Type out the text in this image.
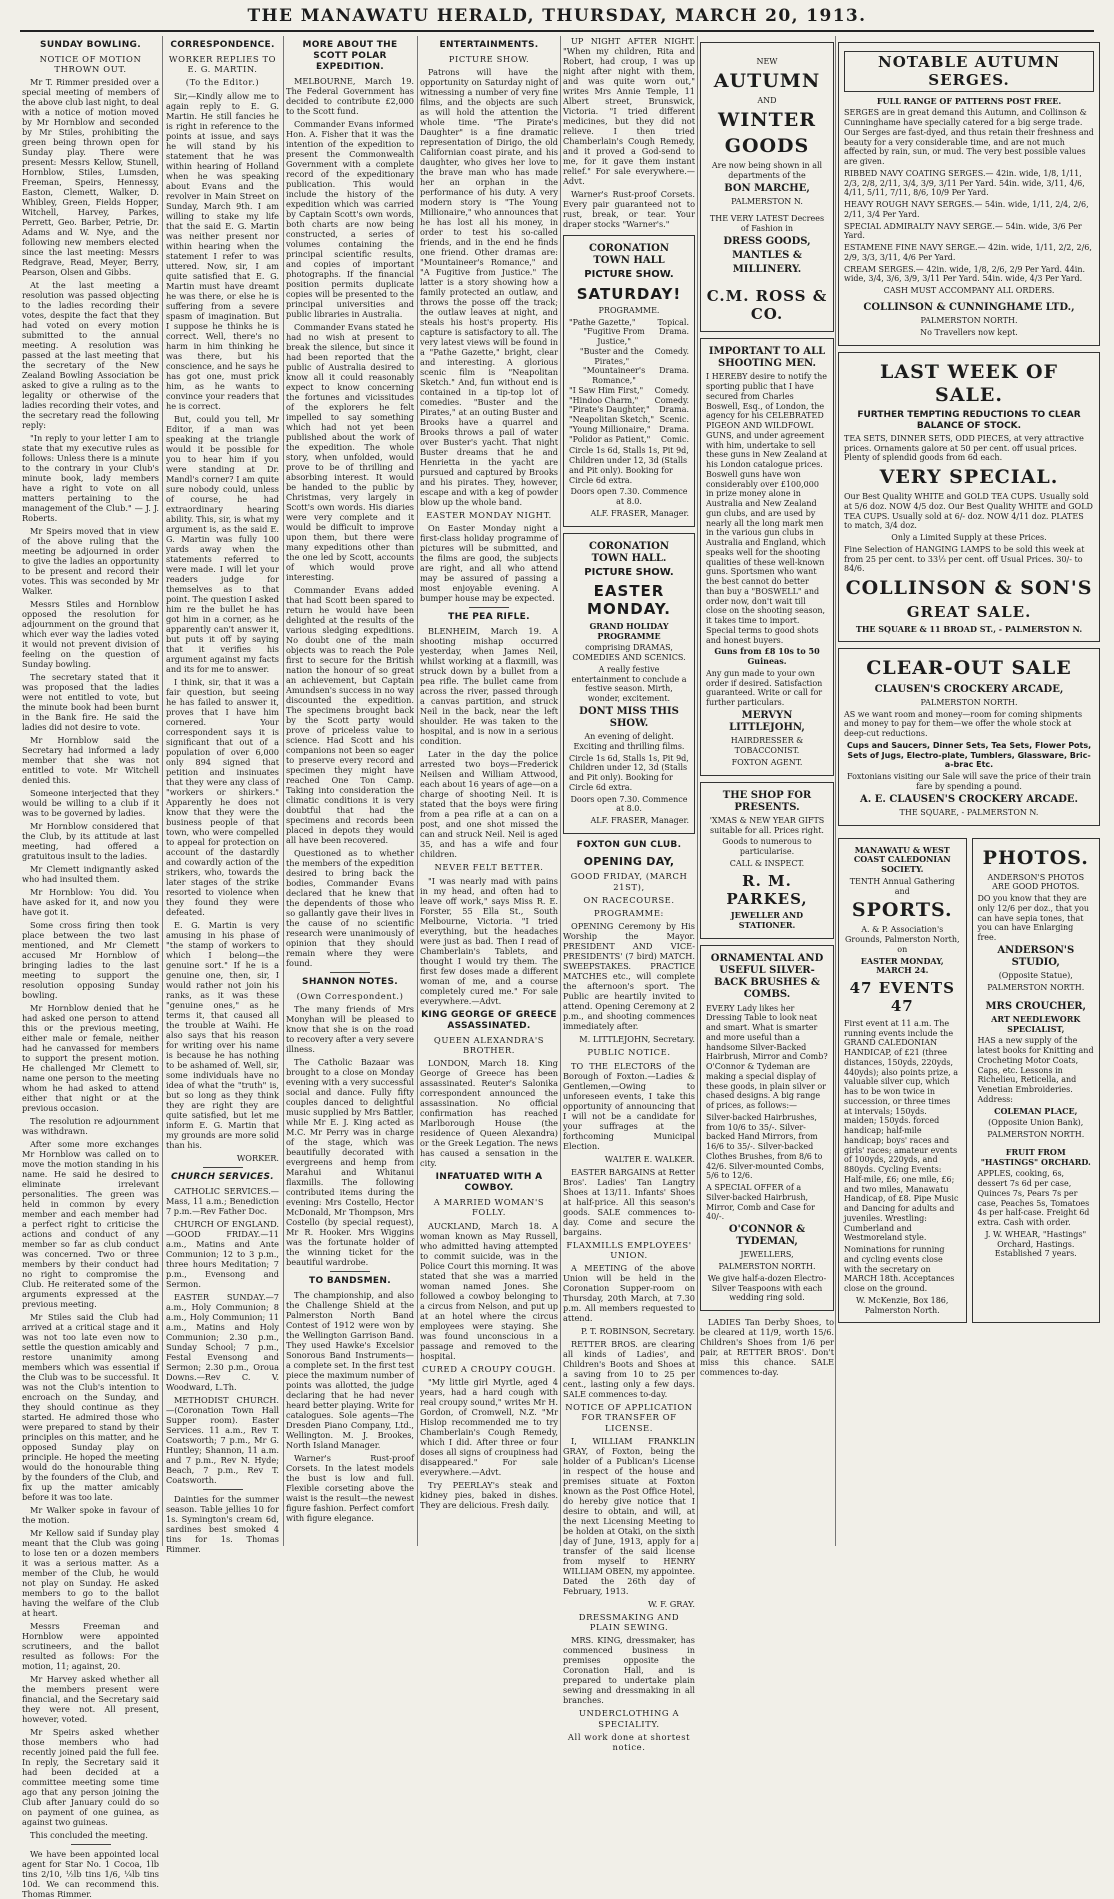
THE MANAWATU HERALD, THURSDAY, MARCH 20, 1913.
SUNDAY BOWLING.
NOTICE OF MOTION THROWN OUT.

Mr T. Rimmer presided over a special meeting of members of the above club last night, to deal with a notice of motion moved by Mr Hornblow and seconded by Mr Stiles, prohibiting the green being thrown open for Sunday play. There were present: Messrs Kellow, Stunell, Hornblow, Stiles, Lumsden, Freeman, Speirs, Hennessy, Easton, Clemett, Walker, D. Whibley, Green, Fields Hopper, Witchell, Harvey, Parkes, Perrett, Geo. Barber, Petrie, Dr. Adams and W. Nye, and the following new members elected since the last meeting: Messrs Redgrave, Read, Meyer, Berry, Pearson, Olsen and Gibbs.

At the last meeting a resolution was passed objecting to the ladies recording their votes, despite the fact that they had voted on every motion submitted to the annual meeting. A resolution was passed at the last meeting that the secretary of the New Zealand Bowling Association be asked to give a ruling as to the legality or otherwise of the ladies recording their votes, and the secretary read the following reply:

"In reply to your letter I am to state that my executive rules as follows: Unless there is a minute to the contrary in your Club's minute book, lady members have a right to vote on all matters pertaining to the management of the Club." — J. J. Roberts.

Mr Speirs moved that in view of the above ruling that the meeting be adjourned in order to give the ladies an opportunity to be present and record their votes. This was seconded by Mr Walker.

Messrs Stiles and Hornblow opposed the resolution for adjournment on the ground that which ever way the ladies voted it would not prevent division of feeling on the question of Sunday bowling.

The secretary stated that it was proposed that the ladies were not entitled to vote, but the minute book had been burnt in the Bank fire. He said the ladies did not desire to vote.

Mr Hornblow said the Secretary had informed a lady member that she was not entitled to vote. Mr Witchell denied this.

Someone interjected that they would be willing to a club if it was to be governed by ladies.

Mr Hornblow considered that the Club, by its attitude at last meeting, had offered a gratuitous insult to the ladies.

Mr Clemett indignantly asked who had insulted them.

Mr Hornblow: You did. You have asked for it, and now you have got it.

Some cross firing then took place between the two last mentioned, and Mr Clemett accused Mr Hornblow of bringing ladies to the last meeting to support the resolution opposing Sunday bowling.

Mr Hornblow denied that he had asked one person to attend this or the previous meeting, either male or female, neither had he canvassed for members to support the present motion. He challenged Mr Clemett to name one person to the meeting whom he had asked to attend either that night or at the previous occasion.

The resolution re adjournment was withdrawn.

After some more exchanges Mr Hornblow was called on to move the motion standing in his name. He said he desired to eliminate irrelevant personalities. The green was held in common by every member and each member had a perfect right to criticise the actions and conduct of any member so far as club conduct was concerned. Two or three members by their conduct had no right to compromise the Club. He reiterated some of the arguments expressed at the previous meeting.

Mr Stiles said the Club had arrived at a critical stage and it was not too late even now to settle the question amicably and restore unanimity among members which was essential if the Club was to be successful. It was not the Club's intention to encroach on the Sunday, and they should continue as they started. He admired those who were prepared to stand by their principles on this matter, and he opposed Sunday play on principle. He hoped the meeting would do the honourable thing by the founders of the Club, and fix up the matter amicably before it was too late.

Mr Walker spoke in favour of the motion.

Mr Kellow said if Sunday play meant that the Club was going to lose ten or a dozen members it was a serious matter. As a member of the Club, he would not play on Sunday. He asked members to go to the ballot having the welfare of the Club at heart.

Messrs Freeman and Hornblow were appointed scrutineers, and the ballot resulted as follows: For the motion, 11; against, 20.

Mr Harvey asked whether all the members present were financial, and the Secretary said they were not. All present, however, voted.

Mr Speirs asked whether those members who had recently joined paid the full fee. In reply, the Secretary said it had been decided at a committee meeting some time ago that any person joining the Club after January could do so on payment of one guinea, as against two guineas.

This concluded the meeting.

We have been appointed local agent for Star No. 1 Cocoa, 1lb tins 2/10, ½lb tins 1/6, ¼lb tins 10d. We can recommend this. Thomas Rimmer.

CORRESPONDENCE.
WORKER REPLIES TO E. G. MARTIN.
(To the Editor.)

Sir,—Kindly allow me to again reply to E. G. Martin. He still fancies he is right in reference to the points at issue, and says he will stand by his statement that he was within hearing of Holland when he was speaking about Evans and the revolver in Main Street on Sunday, March 9th. I am willing to stake my life that the said E. G. Martin was neither present nor within hearing when the statement I refer to was uttered. Now, sir, I am quite satisfied that E. G. Martin must have dreamt he was there, or else he is suffering from a severe spasm of imagination. But I suppose he thinks he is correct. Well, there's no harm in him thinking he was there, but his conscience, and he says he has got one, must prick him, as he wants to convince your readers that he is correct.

But, could you tell, Mr Editor, if a man was speaking at the triangle would it be possible for you to hear him if you were standing at Dr. Mandl's corner? I am quite sure nobody could, unless of course, he had extraordinary hearing ability. This, sir, is what my argument is, as the said E. G. Martin was fully 100 yards away when the statements referred to were made. I will let your readers judge for themselves as to that point. The question I asked him re the bullet he has got him in a corner, as he apparently can't answer it, but puts it off by saying that it verifies his argument against my facts and its for me to answer.

I think, sir, that it was a fair question, but seeing he has failed to answer it, proves that I have him cornered. Your correspondent says it is significant that out of a population of over 6,000 only 894 signed that petition and insinuates that they were any class of "workers or shirkers." Apparently he does not know that they were the business people of that town, who were compelled to appeal for protection on account of the dastardly and cowardly action of the strikers, who, towards the later stages of the strike resorted to violence when they found they were defeated.

E. G. Martin is very amusing in his phase of "the stamp of workers to which I belong—the genuine sort." If he is a genuine one, then, sir, I would rather not join his ranks, as it was these "genuine ones," as he terms it, that caused all the trouble at Waihi. He also says that his reason for writing over his name is because he has nothing to be ashamed of. Well, sir, some individuals have no idea of what the "truth" is, but so long as they think they are right they are quite satisfied, but let me inform E. G. Martin that my grounds are more solid than his.

WORKER.

CHURCH SERVICES.

CATHOLIC SERVICES.—Mass, 11 a.m.; Benediction 7 p.m.—Rev Father Doc.

CHURCH OF ENGLAND.—GOOD FRIDAY.—11 a.m., Matins and Ante Communion; 12 to 3 p.m., three hours Meditation; 7 p.m., Evensong and Sermon.

EASTER SUNDAY.—7 a.m., Holy Communion; 8 a.m., Holy Communion; 11 a.m., Matins and Holy Communion; 2.30 p.m., Sunday School; 7 p.m., Festal Evensong and Sermon; 2.30 p.m., Oroua Downs.—Rev C. V. Woodward, L.Th.

METHODIST CHURCH.—(Coronation Town Hall Supper room). Easter Services. 11 a.m., Rev T. Coatsworth; 7 p.m., Mr G. Huntley; Shannon, 11 a.m. and 7 p.m., Rev N. Hyde; Beach, 7 p.m., Rev T. Coatsworth.

Dainties for the summer season. Table jellies 10 for 1s. Symington's cream 6d, sardines best smoked 4 tins for 1s. Thomas Rimmer.

MORE ABOUT THE SCOTT POLAR EXPEDITION.

MELBOURNE, March 19. The Federal Government has decided to contribute £2,000 to the Scott fund.

Commander Evans informed Hon. A. Fisher that it was the intention of the expedition to present the Commonwealth Government with a complete record of the expeditionary publication. This would include the history of the expedition which was carried by Captain Scott's own words, both charts are now being constructed, a series of volumes containing the principal scientific results, and copies of important photographs. If the financial position permits duplicate copies will be presented to the principal universities and public libraries in Australia.

Commander Evans stated he had no wish at present to break the silence, but since it had been reported that the public of Australia desired to know all it could reasonably expect to know concerning the fortunes and vicissitudes of the explorers he felt impelled to say something which had not yet been published about the work of the expedition. The whole story, when unfolded, would prove to be of thrilling and absorbing interest. It would be handed to the public by Christmas, very largely in Scott's own words. His diaries were very complete and it would be difficult to improve upon them, but there were many expeditions other than the one led by Scott, accounts of which would prove interesting.

Commander Evans added that had Scott been spared to return he would have been delighted at the results of the various sledging expeditions. No doubt one of the main objects was to reach the Pole first to secure for the British nation the honour of so great an achievement, but Captain Amundsen's success in no way discounted the expedition. The specimens brought back by the Scott party would prove of priceless value to science. Had Scott and his companions not been so eager to preserve every record and specimen they might have reached One Ton Camp. Taking into consideration the climatic conditions it is very doubtful that had the specimens and records been placed in depots they would all have been recovered.

Questioned as to whether the members of the expedition desired to bring back the bodies, Commander Evans declared that he knew that the dependents of those who so gallantly gave their lives in the cause of no scientific research were unanimously of opinion that they should remain where they were found.

SHANNON NOTES.
(Own Correspondent.)

The many friends of Mrs Monyhan will be pleased to know that she is on the road to recovery after a very severe illness.

The Catholic Bazaar was brought to a close on Monday evening with a very successful social and dance. Fully fifty couples danced to delightful music supplied by Mrs Battler, while Mr E. J. King acted as M.C. Mr Perry was in charge of the stage, which was beautifully decorated with evergreens and hemp from Marahui and Whitanui flaxmills. The following contributed items during the evening: Mrs Costello, Hector McDonald, Mr Thompson, Mrs Costello (by special request), Mr R. Hooker. Mrs Wiggins was the fortunate holder of the winning ticket for the beautiful wardrobe.

TO BANDSMEN.

The championship, and also the Challenge Shield at the Palmerston North Band Contest of 1912 were won by the Wellington Garrison Band. They used Hawke's Excelsior Sonorous Band Instruments—a complete set. In the first test piece the maximum number of points was allotted, the judge declaring that he had never heard better playing. Write for catalogues. Sole agents—The Dresden Piano Company, Ltd., Wellington. M. J. Brookes, North Island Manager.

Warner's Rust-proof Corsets. In the latest models the bust is low and full. Flexible corseting above the waist is the result—the newest figure fashion. Perfect comfort with figure elegance.

ENTERTAINMENTS.
PICTURE SHOW.

Patrons will have the opportunity on Saturday night of witnessing a number of very fine films, and the objects are such as will hold the attention the whole time. "The Pirate's Daughter" is a fine dramatic representation of Dirigo, the old Californian coast pirate, and his daughter, who gives her love to the brave man who has made her an orphan in the performance of his duty. A very modern story is "The Young Millionaire," who announces that he has lost all his money, in order to test his so-called friends, and in the end he finds one friend. Other dramas are: "Mountaineer's Romance," and "A Fugitive from Justice." The latter is a story showing how a family protected an outlaw, and throws the posse off the track; the outlaw leaves at night, and steals his host's property. His capture is satisfactory to all. The very latest views will be found in a "Pathe Gazette," bright, clear and interesting. A glorious scenic film is "Neapolitan Sketch." And, fun without end is contained in a tip-top lot of comedies. "Buster and the Pirates," at an outing Buster and Brooks have a quarrel and Brooks throws a pail of water over Buster's yacht. That night Buster dreams that he and Henrietta in the yacht are pursued and captured by Brooks and his pirates. They, however, escape and with a keg of powder blow up the whole band.

EASTER MONDAY NIGHT.

On Easter Monday night a first-class holiday programme of pictures will be submitted, and the films are good, the subjects are right, and all who attend may be assured of passing a most enjoyable evening. A bumper house may be expected.

THE PEA RIFLE.

BLENHEIM, March 19. A shooting mishap occurred yesterday, when James Neil, whilst working at a flaxmill, was struck down by a bullet from a pea rifle. The bullet came from across the river, passed through a canvas partition, and struck Neil in the back, near the left shoulder. He was taken to the hospital, and is now in a serious condition.

Later in the day the police arrested two boys—Frederick Neilsen and William Attwood, each about 16 years of age—on a charge of shooting Neil. It is stated that the boys were firing from a pea rifle at a can on a post, and one shot missed the can and struck Neil. Neil is aged 35, and has a wife and four children.

NEVER FELT BETTER.

"I was nearly mad with pains in my head, and often had to leave off work," says Miss R. E. Forster, 55 Ella St., South Melbourne, Victoria. "I tried everything, but the headaches were just as bad. Then I read of Chamberlain's Tablets, and thought I would try them. The first few doses made a different woman of me, and a course completely cured me." For sale everywhere.—Advt.

KING GEORGE OF GREECE ASSASSINATED.
QUEEN ALEXANDRA'S BROTHER.

LONDON, March 18. King George of Greece has been assassinated. Reuter's Salonika correspondent announced the assassination. No official confirmation has reached Marlborough House (the residence of Queen Alexandra) or the Greek Legation. The news has caused a sensation in the city.

INFATUATED WITH A COWBOY.
A MARRIED WOMAN'S FOLLY.

AUCKLAND, March 18. A woman known as May Russell, who admitted having attempted to commit suicide, was in the Police Court this morning. It was stated that she was a married woman named Jones. She followed a cowboy belonging to a circus from Nelson, and put up at an hotel where the circus employees were staying. She was found unconscious in a passage and removed to the hospital.

CURED A CROUPY COUGH.

"My little girl Myrtle, aged 4 years, had a hard cough with real croupy sound," writes Mr H. Gordon, of Cromwell, N.Z. "Mr Hislop recommended me to try Chamberlain's Cough Remedy, which I did. After three or four doses all signs of croupiness had disappeared." For sale everywhere.—Advt.

Try PEERLAY's steak and kidney pies, baked in dishes. They are delicious. Fresh daily.

UP NIGHT AFTER NIGHT. "When my children, Rita and Robert, had croup, I was up night after night with them, and was quite worn out," writes Mrs Annie Temple, 11 Albert street, Brunswick, Victoria. "I tried different medicines, but they did not relieve. I then tried Chamberlain's Cough Remedy, and it proved a God-send to me, for it gave them instant relief." For sale everywhere.—Advt.

Warner's Rust-proof Corsets. Every pair guaranteed not to rust, break, or tear. Your draper stocks "Warner's."

CORONATION TOWN HALL
PICTURE SHOW.
SATURDAY!
PROGRAMME.
"Pathe Gazette,"	Topical.
"Fugitive From Justice,"
Drama.
"Buster and the Pirates,"
Comedy.
"Mountaineer's Romance,"
Drama.
"I Saw Him First," Comedy.
"Hindoo Charm," Comedy.
"Pirate's Daughter," Drama.
"Neapolitan Sketch," Scenic.
"Young Millionaire," Drama.
"Polidor as Patient," Comic.
Circle 1s 6d, Stalls 1s, Pit 9d, Children under 12, 3d (Stalls and Pit only). Booking for Circle 6d extra.
Doors open 7.30. Commence at 8.0.
ALF. FRASER, Manager.
CORONATION TOWN HALL.
PICTURE SHOW.
EASTER MONDAY.
GRAND HOLIDAY PROGRAMME
comprising DRAMAS, COMEDIES AND SCENICS.
A really festive entertainment to conclude a festive season. Mirth, wonder, excitement.
DONT MISS THIS SHOW.
An evening of delight. Exciting and thrilling films.
Circle 1s 6d, Stalls 1s, Pit 9d, Children under 12, 3d (Stalls and Pit only). Booking for Circle 6d extra.
Doors open 7.30. Commence at 8.0.
ALF. FRASER, Manager.
FOXTON GUN CLUB.
OPENING DAY,
GOOD FRIDAY, (MARCH 21ST),
ON RACECOURSE.
PROGRAMME:

OPENING Ceremony by His Worship the Mayor. PRESIDENT AND VICE-PRESIDENTS' (7 bird) MATCH. SWEEPSTAKES. PRACTICE MATCHES etc., will complete the afternoon's sport. The Public are heartily invited to attend. Opening Ceremony at 2 p.m., and shooting commences immediately after.

M. LITTLEJOHN, Secretary.

PUBLIC NOTICE.

TO THE ELECTORS of the Borough of Foxton.—Ladies & Gentlemen,—Owing to unforeseen events, I take this opportunity of announcing that I will not be a candidate for your suffrages at the forthcoming Municipal Election.

WALTER E. WALKER.

EASTER BARGAINS at Retter Bros'. Ladies' Tan Langtry Shoes at 13/11. Infants' Shoes at half-price. All this season's goods. SALE commences to-day. Come and secure the bargains.

FLAXMILLS EMPLOYEES' UNION.

A MEETING of the above Union will be held in the Coronation Supper-room on Thursday, 20th March, at 7.30 p.m. All members requested to attend.

P. T. ROBINSON, Secretary.

RETTER BROS. are clearing all kinds of Ladies', and Children's Boots and Shoes at a saving from 10 to 25 per cent., lasting only a few days. SALE commences to-day.

NOTICE OF APPLICATION FOR TRANSFER OF LICENSE.

I, WILLIAM FRANKLIN GRAY, of Foxton, being the holder of a Publican's License in respect of the house and premises situate at Foxton known as the Post Office Hotel, do hereby give notice that I desire to obtain, and will, at the next Licensing Meeting to be holden at Otaki, on the sixth day of June, 1913, apply for a transfer of the said license from myself to HENRY WILLIAM OBEN, my appointee. Dated the 26th day of February, 1913.

W. F. GRAY.

DRESSMAKING AND PLAIN SEWING.

MRS. KING, dressmaker, has commenced business in premises opposite the Coronation Hall, and is prepared to undertake plain sewing and dressmaking in all branches.

UNDERCLOTHING A SPECIALITY.
All work done at shortest notice.
NEW
AUTUMN
AND
WINTER
GOODS
Are now being shown in all departments of the
BON MARCHE,
PALMERSTON N.
THE VERY LATEST Decrees of Fashion in
DRESS GOODS,
MANTLES &
MILLINERY.
C.M. ROSS & CO.
IMPORTANT TO ALL SHOOTING MEN.
I HEREBY desire to notify the sporting public that I have secured from Charles Boswell, Esq., of London, the agency for his CELEBRATED PIGEON AND WILDFOWL GUNS, and under agreement with him, undertake to sell these guns in New Zealand at his London catalogue prices. Boswell guns have won considerably over £100,000 in prize money alone in Australia and New Zealand gun clubs, and are used by nearly all the long mark men in the various gun clubs in Australia and England, which speaks well for the shooting qualities of these well-known guns. Sportsmen who want the best cannot do better than buy a "BOSWELL" and order now, don't wait till close on the shooting season, it takes time to import. Special terms to good shots and honest buyers.
Guns from £8 10s to 50 Guineas.
Any gun made to your own order if desired. Satisfaction guaranteed. Write or call for further particulars.
MERVYN LITTLEJOHN,
HAIRDRESSER & TOBACCONIST.
FOXTON AGENT.
THE SHOP FOR PRESENTS.
'XMAS & NEW YEAR GIFTS suitable for all. Prices right.
Goods to numerous to particularise.
CALL & INSPECT.
R. M. PARKES,
JEWELLER AND STATIONER.
ORNAMENTAL AND USEFUL SILVER-BACK BRUSHES & COMBS.
EVERY Lady likes her Dressing Table to look neat and smart. What is smarter and more useful than a handsome Silver-Backed Hairbrush, Mirror and Comb? O'Connor & Tydeman are making a special display of these goods, in plain silver or chased designs. A big range of prices, as follows:—
Silver-backed Hairbrushes, from 10/6 to 35/-. Silver-backed Hand Mirrors, from 16/6 to 35/-. Silver-backed Clothes Brushes, from 8/6 to 42/6. Silver-mounted Combs, 5/6 to 12/6.
A SPECIAL OFFER of a Silver-backed Hairbrush, Mirror, Comb and Case for 40/-.
O'CONNOR & TYDEMAN,
JEWELLERS,
PALMERSTON NORTH.
We give half-a-dozen Electro-Silver Teaspoons with each wedding ring sold.

LADIES Tan Derby Shoes, to be cleared at 11/9, worth 15/6. Children's Shoes from 1/6 per pair, at RETTER BROS'. Don't miss this chance. SALE commences to-day.

NOTABLE AUTUMN SERGES.
FULL RANGE OF PATTERNS POST FREE.
SERGES are in great demand this Autumn, and Collinson & Cunninghame have specially catered for a big serge trade. Our Serges are fast-dyed, and thus retain their freshness and beauty for a very considerable time, and are not much affected by rain, sun, or mud. The very best possible values are given.
RIBBED NAVY COATING SERGES.— 42in. wide, 1/8, 1/11, 2/3, 2/8, 2/11, 3/4, 3/9, 3/11 Per Yard. 54in. wide, 3/11, 4/6, 4/11, 5/11, 7/11, 8/6, 10/9 Per Yard.
HEAVY ROUGH NAVY SERGES.— 54in. wide, 1/11, 2/4, 2/6, 2/11, 3/4 Per Yard.
SPECIAL ADMIRALTY NAVY SERGE.— 54in. wide, 3/6 Per Yard.
ESTAMENE FINE NAVY SERGE.— 42in. wide, 1/11, 2/2, 2/6, 2/9, 3/3, 3/11, 4/6 Per Yard.
CREAM SERGES.— 42in. wide, 1/8, 2/6, 2/9 Per Yard. 44in. wide, 3/4, 3/6, 3/9, 3/11 Per Yard. 54in. wide, 4/3 Per Yard.
CASH MUST ACCOMPANY ALL ORDERS.
COLLINSON & CUNNINGHAME LTD.,
PALMERSTON NORTH.
No Travellers now kept.
LAST WEEK OF SALE.
FURTHER TEMPTING REDUCTIONS TO CLEAR BALANCE OF STOCK.
TEA SETS, DINNER SETS, ODD PIECES, at very attractive prices. Ornaments galore at 50 per cent. off usual prices. Plenty of splendid goods from 6d each.
VERY SPECIAL.
Our Best Quality WHITE and GOLD TEA CUPS. Usually sold at 5/6 doz. NOW 4/5 doz. Our Best Quality WHITE and GOLD TEA CUPS. Usually sold at 6/- doz. NOW 4/11 doz. PLATES to match, 3/4 doz.
Only a Limited Supply at these Prices.
Fine Selection of HANGING LAMPS to be sold this week at from 25 per cent. to 33⅓ per cent. off Usual Prices. 30/- to 84/6.
COLLINSON & SON'S
GREAT SALE.
THE SQUARE & 11 BROAD ST., - PALMERSTON N.
CLEAR-OUT SALE
CLAUSEN'S CROCKERY ARCADE,
PALMERSTON NORTH.
AS we want room and money—room for coming shipments and money to pay for them—we offer the whole stock at deep-cut reductions.
Cups and Saucers, Dinner Sets, Tea Sets, Flower Pots, Sets of Jugs, Electro-plate, Tumblers, Glassware, Bric-a-brac Etc.
Foxtonians visiting our Sale will save the price of their train fare by spending a pound.
A. E. CLAUSEN'S CROCKERY ARCADE.
THE SQUARE, - PALMERSTON N.
MANAWATU & WEST COAST CALEDONIAN SOCIETY.
TENTH Annual Gathering and
SPORTS.
A. & P. Association's Grounds, Palmerston North, on
EASTER MONDAY, MARCH 24.
47 EVENTS 47
First event at 11 a.m. The running events include the GRAND CALEDONIAN HANDICAP, of £21 (three distances, 150yds, 220yds, 440yds); also points prize, a valuable silver cup, which has to be won twice in succession, or three times at intervals; 150yds. maiden; 150yds. forced handicap; half-mile handicap; boys' races and girls' races; amateur events of 100yds, 220yds, and 880yds. Cycling Events: Half-mile, £6; one mile, £6; and two miles, Manawatu Handicap, of £8. Pipe Music and Dancing for adults and juveniles. Wrestling: Cumberland and Westmoreland style.
Nominations for running and cycling events close with the secretary on MARCH 18th. Acceptances close on the ground.
W. McKenzie, Box 186, Palmerston North.
PHOTOS.
ANDERSON'S PHOTOS ARE GOOD PHOTOS.
DO you know that they are only 12/6 per doz., that you can have sepia tones, that you can have Enlarging free.
ANDERSON'S STUDIO,
(Opposite Statue),
PALMERSTON NORTH.
MRS CROUCHER,
ART NEEDLEWORK SPECIALIST,
HAS a new supply of the latest books for Knitting and Crocheting Motor Coats, Caps, etc. Lessons in Richelieu, Reticella, and Venetian Embroideries. Address:
COLEMAN PLACE,
(Opposite Union Bank),
PALMERSTON NORTH.
FRUIT FROM "HASTINGS" ORCHARD.
APPLES, cooking, 6s, dessert 7s 6d per case, Quinces 7s, Pears 7s per case, Peaches 5s, Tomatoes 4s per half-case. Freight 6d extra. Cash with order.
J. W. WHEAR, "Hastings" Orchard, Hastings. Established 7 years.
